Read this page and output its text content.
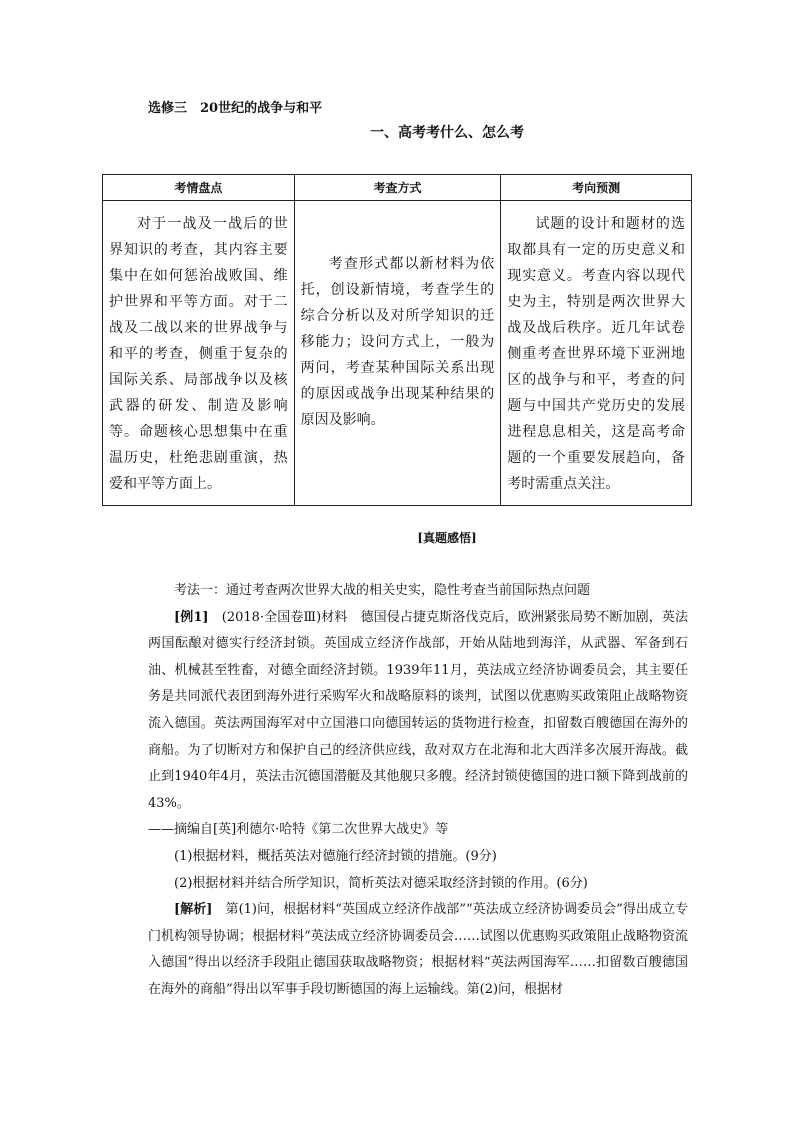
选修三　20世纪的战争与和平
一、高考考什么、怎么考
考情盘点	考查方式	考向预测

对于一战及一战后的世界知识的考查，其内容主要集中在如何惩治战败国、维护世界和平等方面。对于二战及二战以来的世界战争与和平的考查，侧重于复杂的国际关系、局部战争以及核武器的研发、制造及影响等。命题核心思想集中在重温历史，杜绝悲剧重演，热爱和平等方面上。	考查形式都以新材料为依托，创设新情境，考查学生的综合分析以及对所学知识的迁移能力；设问方式上，一般为两问，考查某种国际关系出现的原因或战争出现某种结果的原因及影响。	试题的设计和题材的选取都具有一定的历史意义和现实意义。考查内容以现代史为主，特别是两次世界大战及战后秩序。近几年试卷侧重考查世界环境下亚洲地区的战争与和平，考查的问题与中国共产党历史的发展进程息息相关，这是高考命题的一个重要发展趋向，备考时需重点关注。

[真题感悟]

考法一：通过考查两次世界大战的相关史实，隐性考查当前国际热点问题

[例1]　 (2018·全国卷Ⅲ)材料　德国侵占捷克斯洛伐克后，欧洲紧张局势不断加剧，英法两国酝酿对德实行经济封锁。英国成立经济作战部，开始从陆地到海洋，从武器、军备到石油、机械甚至牲畜，对德全面经济封锁。1939年11月，英法成立经济协调委员会，其主要任务是共同派代表团到海外进行采购军火和战略原料的谈判，试图以优惠购买政策阻止战略物资流入德国。英法两国海军对中立国港口向德国转运的货物进行检查，扣留数百艘德国在海外的商船。为了切断对方和保护自己的经济供应线，敌对双方在北海和北大西洋多次展开海战。截止到1940年4月，英法击沉德国潜艇及其他舰只多艘。经济封锁使德国的进口额下降到战前的43%。

——摘编自[英]利德尔·哈特《第二次世界大战史》等

(1)根据材料，概括英法对德施行经济封锁的措施。(9分)

(2)根据材料并结合所学知识，简析英法对德采取经济封锁的作用。(6分)

[解析]　第(1)问，根据材料“英国成立经济作战部”“英法成立经济协调委员会”得出成立专门机构领导协调；根据材料“英法成立经济协调委员会……试图以优惠购买政策阻止战略物资流入德国”得出以经济手段阻止德国获取战略物资；根据材料“英法两国海军……扣留数百艘德国在海外的商船”得出以军事手段切断德国的海上运输线。第(2)问，根据材
